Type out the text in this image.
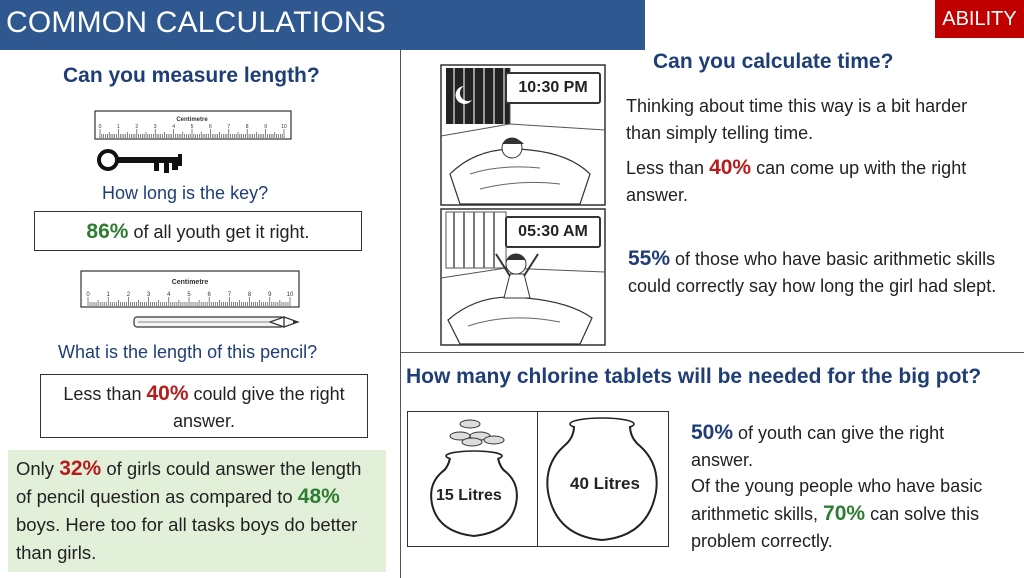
COMMON CALCULATIONS	ABILITY
Can you measure length?
Centimetre
0	1	2	3	4	5	6	7	8	9	10
How long is the key?
86% of all youth get it right.
Centimetre
0	1	2	3	4	5	6	7	8	9	10
What is the length of this pencil?
Less than 40% could give the right answer.
Only 32% of girls could answer the length of pencil question as compared to 48% boys. Here too for all tasks boys do better than girls.
10:30 PM
05:30 AM
Can you calculate time?
Thinking about time this way is a bit harder than simply telling time.
Less than 40% can come up with the right answer.
55% of those who have basic arithmetic skills could correctly say how long the girl had slept.
How many chlorine tablets will be needed for the big pot?
15 Litres
40 Litres
50% of youth can give the right answer.
Of the young people who have basic arithmetic skills, 70% can solve this problem correctly.
